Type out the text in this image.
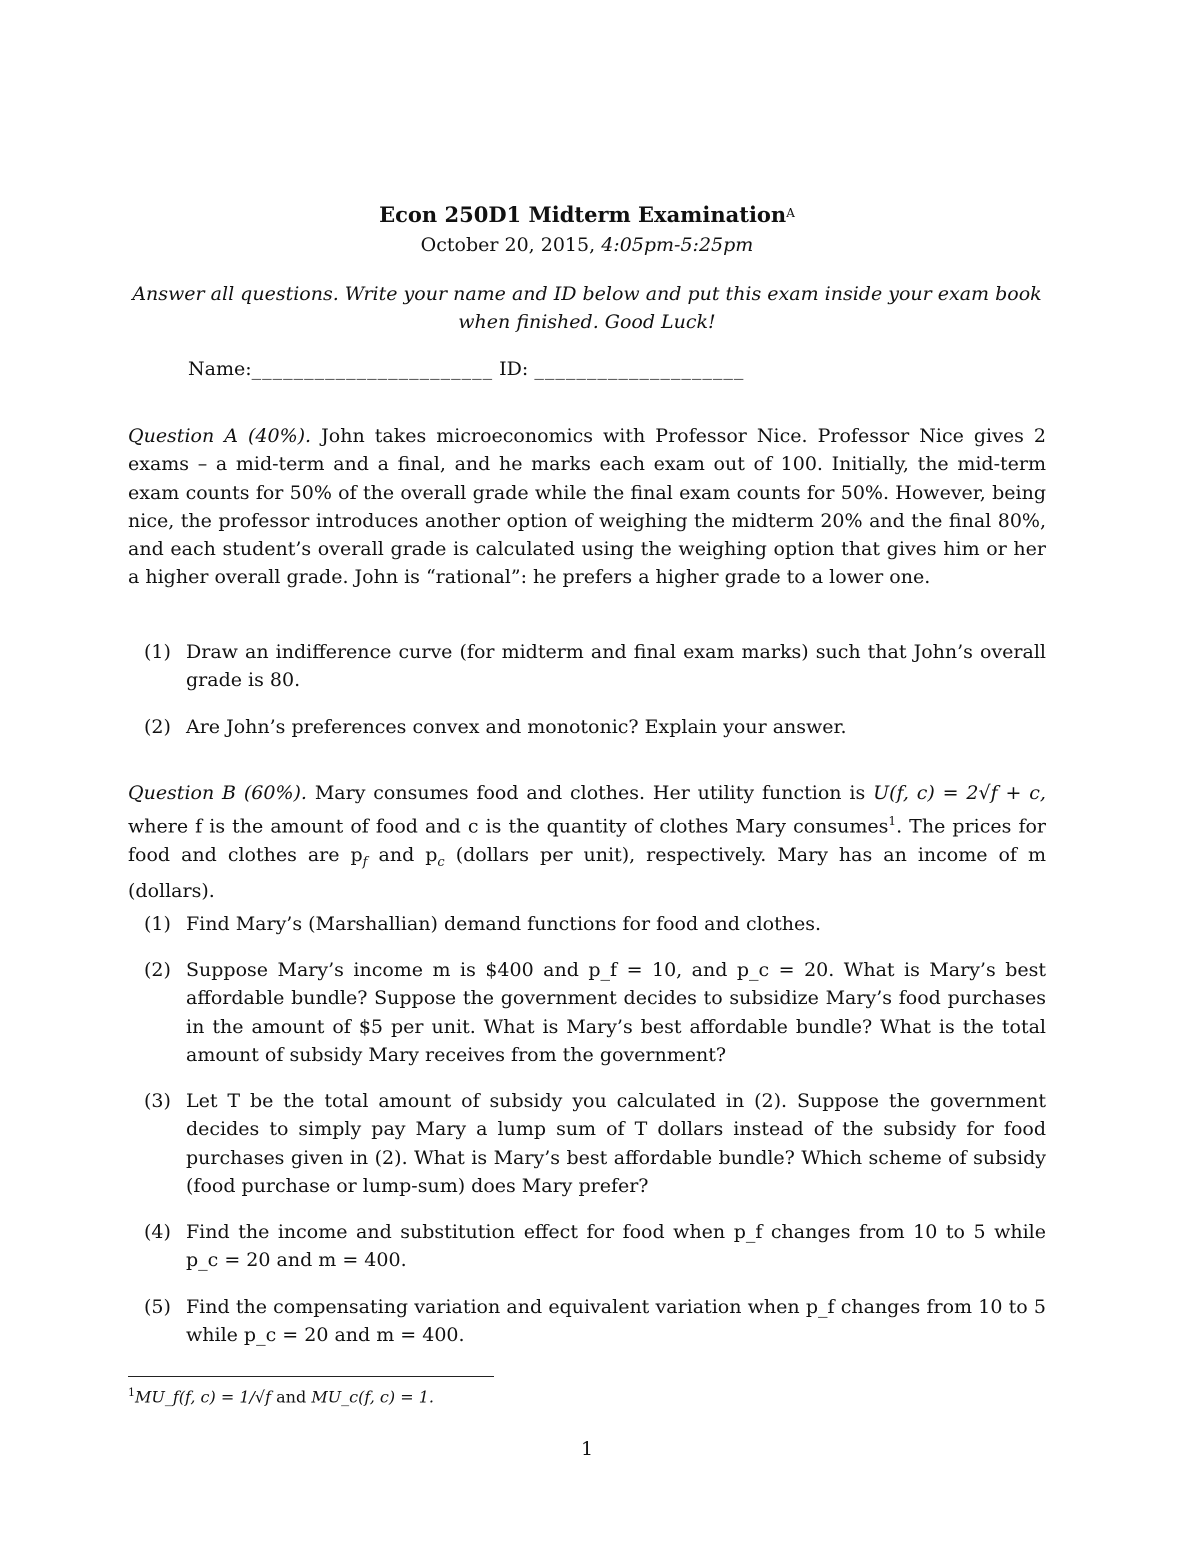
Econ 250D1 Midterm Examination$^A$
October 20, 2015, 4:05pm-5:25pm
Answer all questions. Write your name and ID below and put this exam inside your exam book when finished. Good Luck!
Name:_______________________ ID: ____________________
Question A (40%). John takes microeconomics with Professor Nice. Professor Nice gives 2 exams – a mid-term and a final, and he marks each exam out of 100. Initially, the mid-term exam counts for 50% of the overall grade while the final exam counts for 50%. However, being nice, the professor introduces another option of weighing the midterm 20% and the final 80%, and each student’s overall grade is calculated using the weighing option that gives him or her a higher overall grade. John is “rational”: he prefers a higher grade to a lower one.
(1) Draw an indifference curve (for midterm and final exam marks) such that John’s overall grade is 80.
(2) Are John’s preferences convex and monotonic? Explain your answer.
Question B (60%). Mary consumes food and clothes. Her utility function is U(f, c) = 2√f + c, where f is the amount of food and c is the quantity of clothes Mary consumes$^1$. The prices for food and clothes are $p_f$ and $p_c$ (dollars per unit), respectively. Mary has an income of m (dollars).
(1) Find Mary’s (Marshallian) demand functions for food and clothes.
(2) Suppose Mary’s income m is $400 and p_f = 10, and p_c = 20. What is Mary’s best affordable bundle? Suppose the government decides to subsidize Mary’s food purchases in the amount of $5 per unit. What is Mary’s best affordable bundle? What is the total amount of subsidy Mary receives from the government?
(3) Let T be the total amount of subsidy you calculated in (2). Suppose the government decides to simply pay Mary a lump sum of T dollars instead of the subsidy for food purchases given in (2). What is Mary’s best affordable bundle? Which scheme of subsidy (food purchase or lump-sum) does Mary prefer?
(4) Find the income and substitution effect for food when p_f changes from 10 to 5 while p_c = 20 and m = 400.
(5) Find the compensating variation and equivalent variation when p_f changes from 10 to 5 while p_c = 20 and m = 400.
$^1$MU_f(f, c) = 1/√f and MU_c(f, c) = 1.
1
